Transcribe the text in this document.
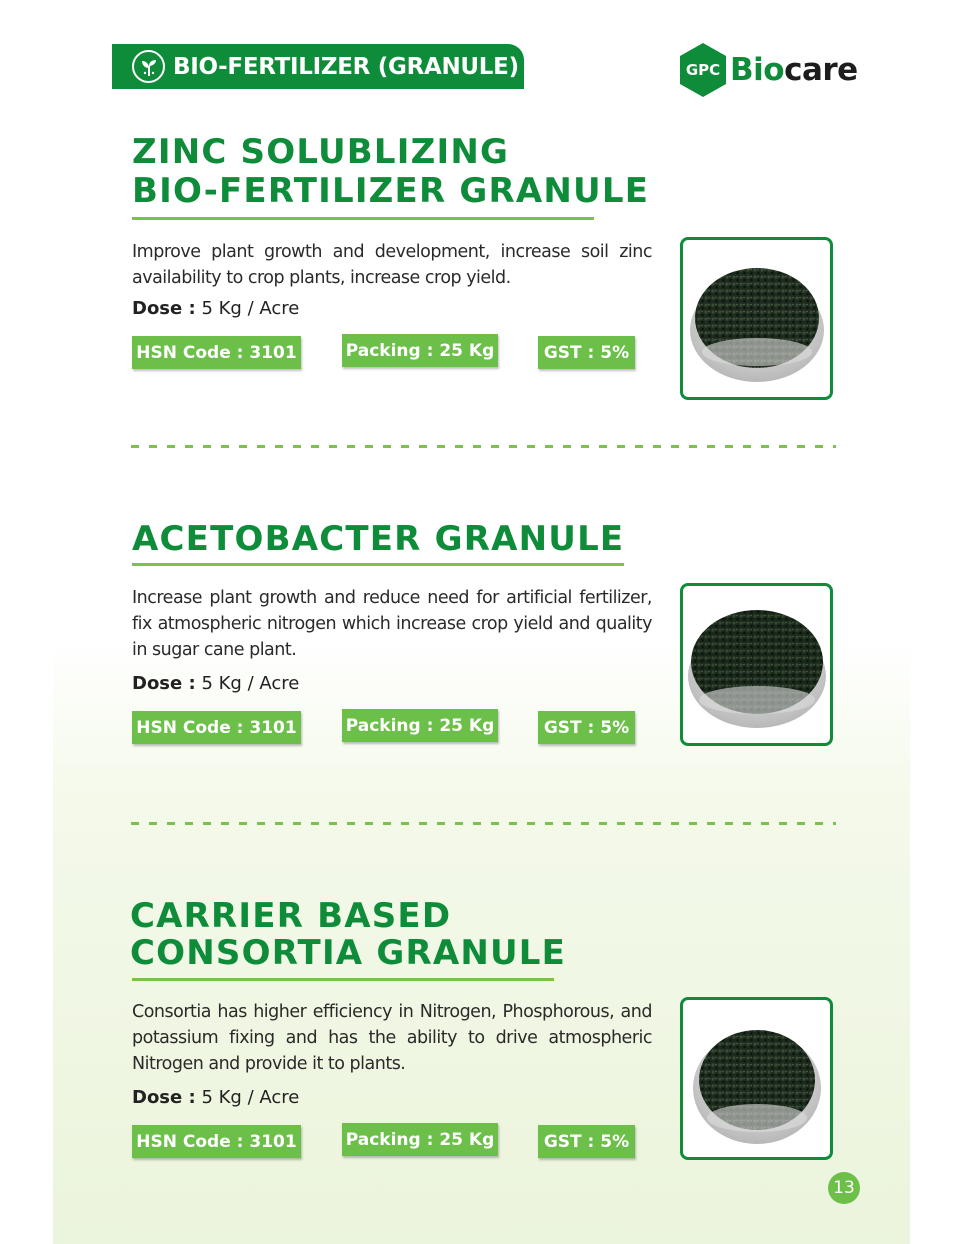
BIO-FERTILIZER (GRANULE)	GPC Biocare
ZINC SOLUBLIZING
BIO-FERTILIZER GRANULE
Improve plant growth and development, increase soil zinc availability to crop plants, increase crop yield.
Dose : 5 Kg / Acre
HSN Code : 3101	Packing : 25 Kg	GST : 5%
ACETOBACTER GRANULE
Increase plant growth and reduce need for artificial fertilizer, fix atmospheric nitrogen which increase crop yield and quality in sugar cane plant.
Dose : 5 Kg / Acre
HSN Code : 3101	Packing : 25 Kg	GST : 5%
CARRIER BASED
CONSORTIA GRANULE
Consortia has higher efficiency in Nitrogen, Phosphorous, and potassium fixing and has the ability to drive atmospheric Nitrogen and provide it to plants.
Dose : 5 Kg / Acre
HSN Code : 3101	Packing : 25 Kg	GST : 5%
13
